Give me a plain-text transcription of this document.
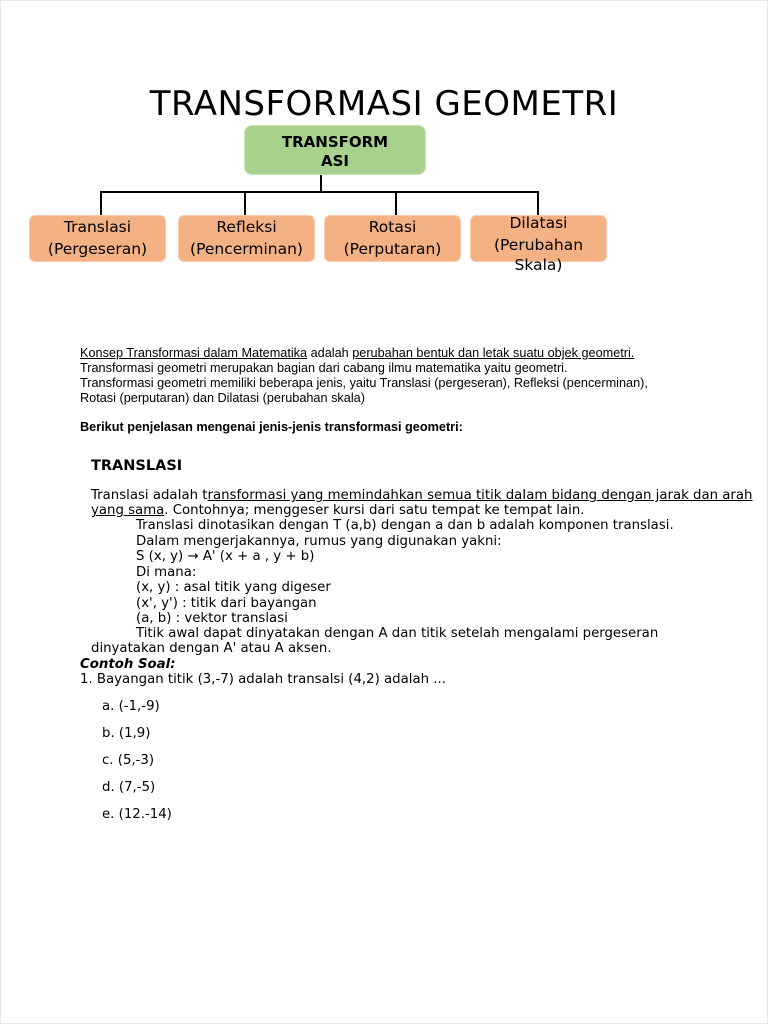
TRANSFORMASI GEOMETRI
TRANSFORMASI
Translasi
(Pergeseran)
Refleksi
(Pencerminan)
Rotasi
(Perputaran)
Dilatasi
(Perubahan Skala)
Konsep Transformasi dalam Matematika adalah perubahan bentuk dan letak suatu objek geometri.
Transformasi geometri merupakan bagian dari cabang ilmu matematika yaitu geometri.
Transformasi geometri memiliki beberapa jenis, yaitu Translasi (pergeseran), Refleksi (pencerminan),
Rotasi (perputaran) dan Dilatasi (perubahan skala)
Berikut penjelasan mengenai jenis-jenis transformasi geometri:
TRANSLASI
Translasi adaIah transformasi yang memindahkan semua titik daIam bidang dengan jarak dan arah
yang sama. Contohnya; menggeser kursi dari satu tempat ke tempat lain.
Translasi dinotasikan dengan T (a,b) dengan a dan b adalah komponen translasi.
Dalam mengerjakannya, rumus yang digunakan yakni:
S (x, y) → A' (x + a , y + b)
Di mana:
(x, y) : asal titik yang digeser
(x', y') : titik dari bayangan
(a, b) : vektor translasi
Titik awal dapat dinyatakan dengan A dan titik setelah mengalami pergeseran
dinyatakan dengan A' atau A aksen.
Contoh Soal:
1. Bayangan titik (3,-7) adalah transalsi (4,2) adalah ...
a. (-1,-9)
b. (1,9)
c. (5,-3)
d. (7,-5)
e. (12.-14)
